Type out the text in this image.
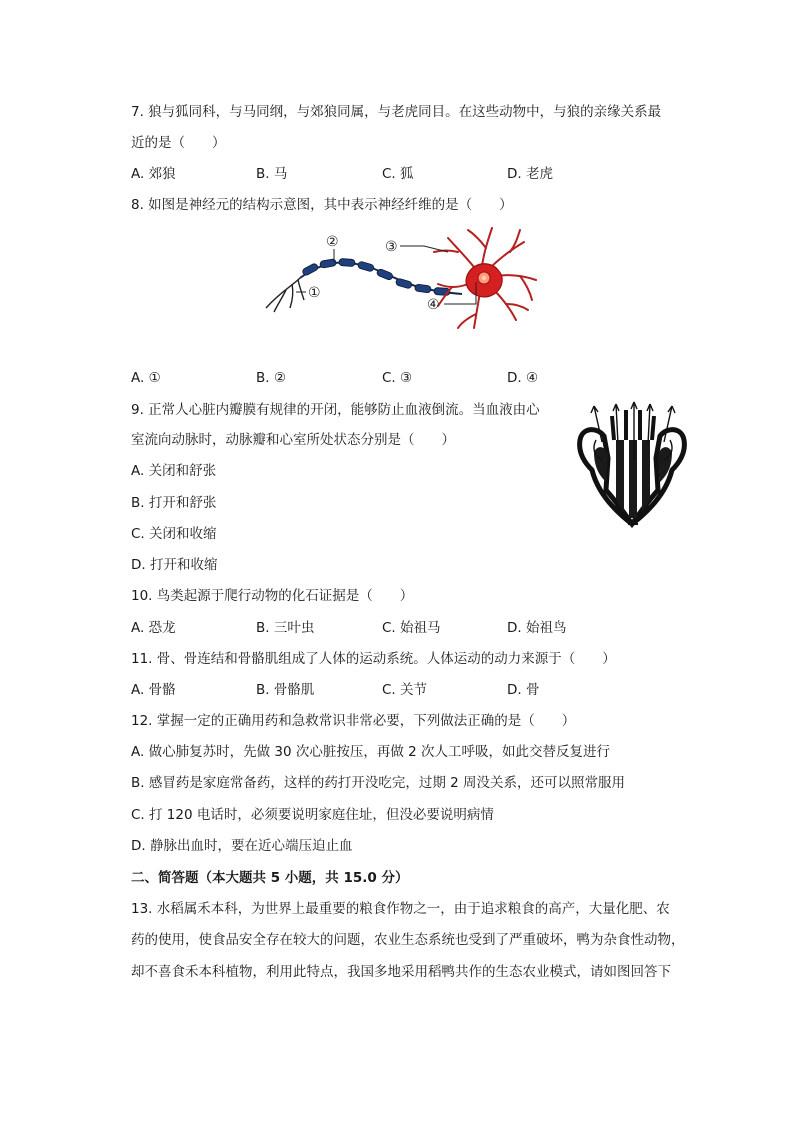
7. 狼与狐同科，与马同纲，与郊狼同属，与老虎同目。在这些动物中，与狼的亲缘关系最
近的是（　　）
A. 郊狼	B. 马	C. 狐	D. 老虎
8. 如图是神经元的结构示意图，其中表示神经纤维的是（　　）
①
②	③
④
A. ①	B. ②	C. ③	D. ④
9. 正常人心脏内瓣膜有规律的开闭，能够防止血液倒流。当血液由心
室流向动脉时，动脉瓣和心室所处状态分别是（　　）
A. 关闭和舒张
B. 打开和舒张
C. 关闭和收缩
D. 打开和收缩
10. 鸟类起源于爬行动物的化石证据是（　　）
A. 恐龙	B. 三叶虫	C. 始祖马	D. 始祖鸟
11. 骨、骨连结和骨骼肌组成了人体的运动系统。人体运动的动力来源于（　　）
A. 骨骼	B. 骨骼肌	C. 关节	D. 骨
12. 掌握一定的正确用药和急救常识非常必要，下列做法正确的是（　　）
A. 做心肺复苏时，先做 30 次心脏按压，再做 2 次人工呼吸，如此交替反复进行
B. 感冒药是家庭常备药，这样的药打开没吃完，过期 2 周没关系，还可以照常服用
C. 打 120 电话时，必须要说明家庭住址，但没必要说明病情
D. 静脉出血时，要在近心端压迫止血
二、简答题（本大题共 5 小题，共 15.0 分）
13. 水稻属禾本科，为世界上最重要的粮食作物之一，由于追求粮食的高产，大量化肥、农
药的使用，使食品安全存在较大的问题，农业生态系统也受到了严重破坏，鸭为杂食性动物，
却不喜食禾本科植物，利用此特点，我国多地采用稻鸭共作的生态农业模式，请如图回答下
